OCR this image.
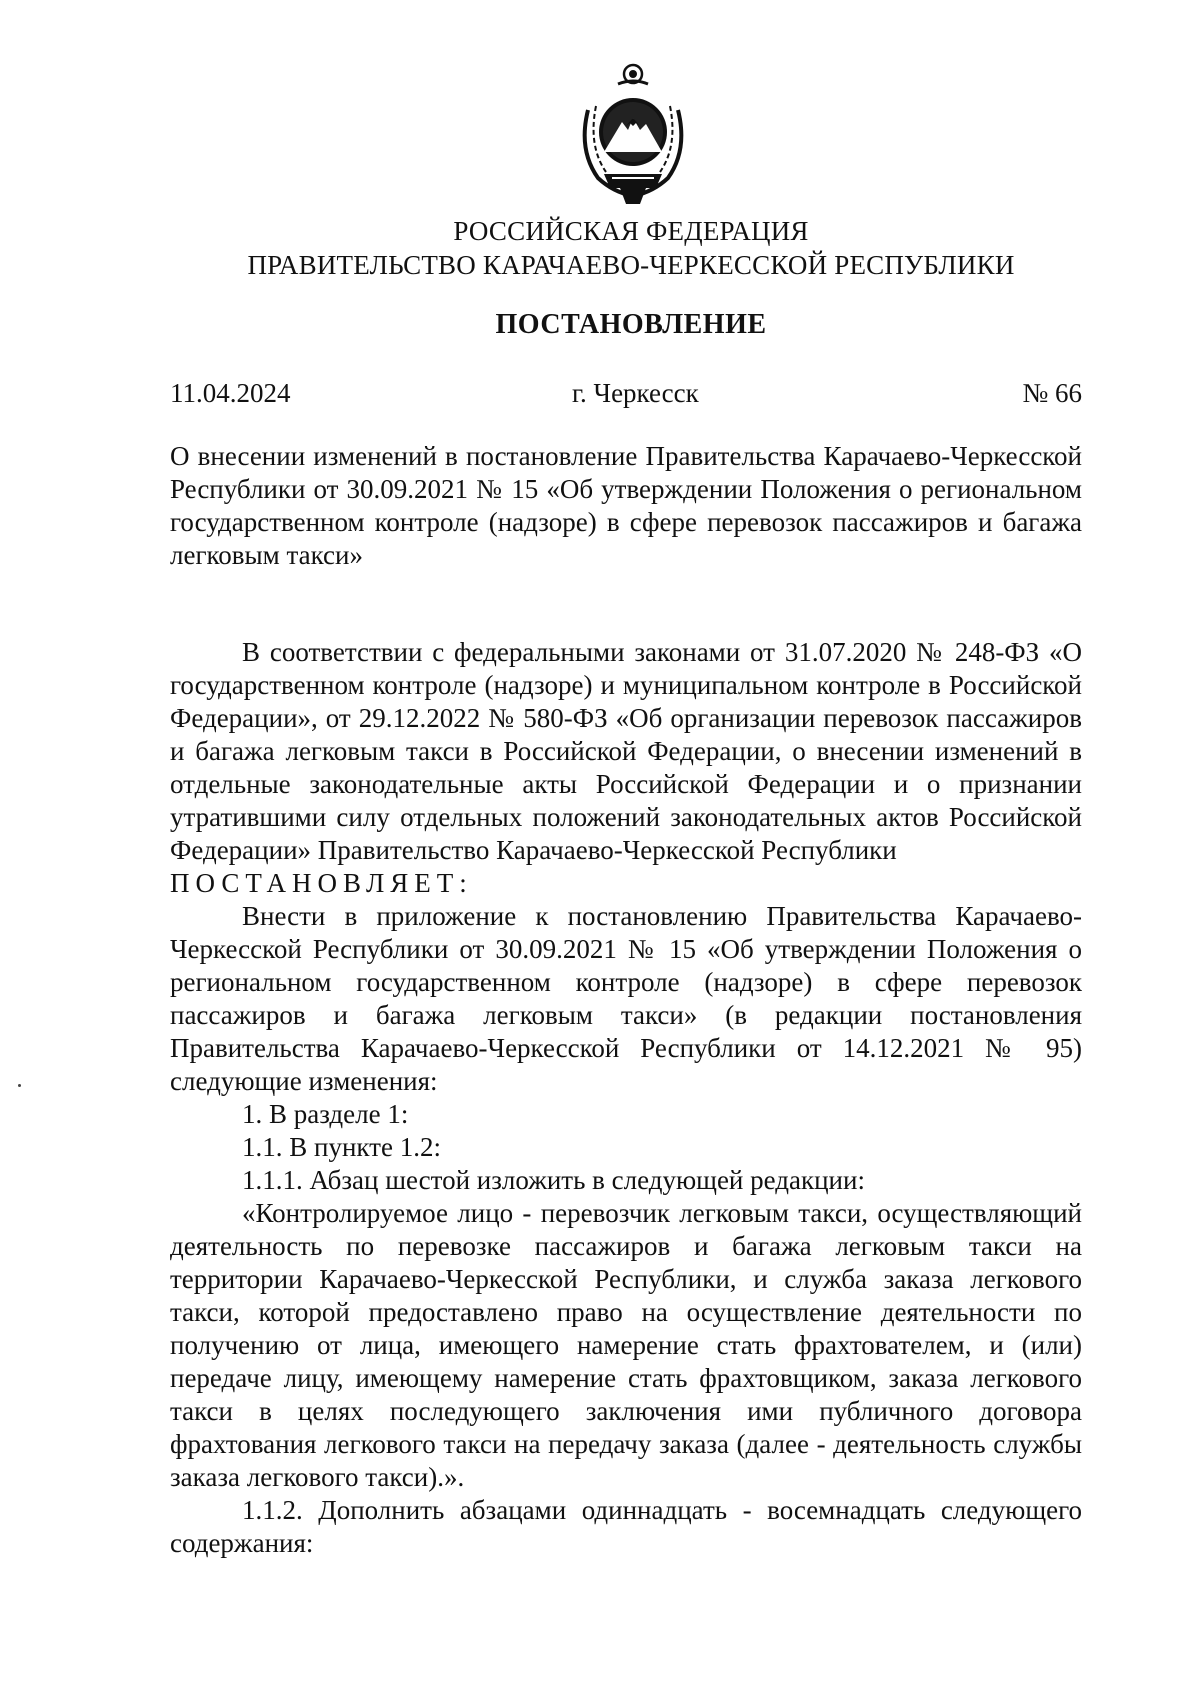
РОССИЙСКАЯ ФЕДЕРАЦИЯ
ПРАВИТЕЛЬСТВО КАРАЧАЕВО-ЧЕРКЕССКОЙ РЕСПУБЛИКИ
ПОСТАНОВЛЕНИЕ
11.04.2024	г. Черкесск	№ 66
О внесении изменений в постановление Правительства Карачаево-Черкесской Республики от 30.09.2021 № 15 «Об утверждении Положения о региональном государственном контроле (надзоре) в сфере перевозок пассажиров и багажа легковым такси»

В соответствии с федеральными законами от 31.07.2020 № 248-ФЗ «О государственном контроле (надзоре) и муниципальном контроле в Российской Федерации», от 29.12.2022 № 580-ФЗ «Об организации перевозок пассажиров и багажа легковым такси в Российской Федерации, о внесении изменений в отдельные законодательные акты Российской Федерации и о признании утратившими силу отдельных положений законодательных актов Российской Федерации» Правительство Карачаево-Черкесской Республики

ПОСТАНОВЛЯЕТ:

Внести в приложение к постановлению Правительства Карачаево-Черкесской Республики от 30.09.2021 № 15 «Об утверждении Положения о региональном государственном контроле (надзоре) в сфере перевозок пассажиров и багажа легковым такси» (в редакции постановления Правительства Карачаево-Черкесской Республики от 14.12.2021 № 95) следующие изменения:

1. В разделе 1:

1.1. В пункте 1.2:

1.1.1. Абзац шестой изложить в следующей редакции:

«Контролируемое лицо - перевозчик легковым такси, осуществляющий деятельность по перевозке пассажиров и багажа легковым такси на территории Карачаево-Черкесской Республики, и служба заказа легкового такси, которой предоставлено право на осуществление деятельности по получению от лица, имеющего намерение стать фрахтователем, и (или) передаче лицу, имеющему намерение стать фрахтовщиком, заказа легкового такси в целях последующего заключения ими публичного договора фрахтования легкового такси на передачу заказа (далее - деятельность службы заказа легкового такси).».

1.1.2. Дополнить абзацами одиннадцать - восемнадцать следующего содержания:
